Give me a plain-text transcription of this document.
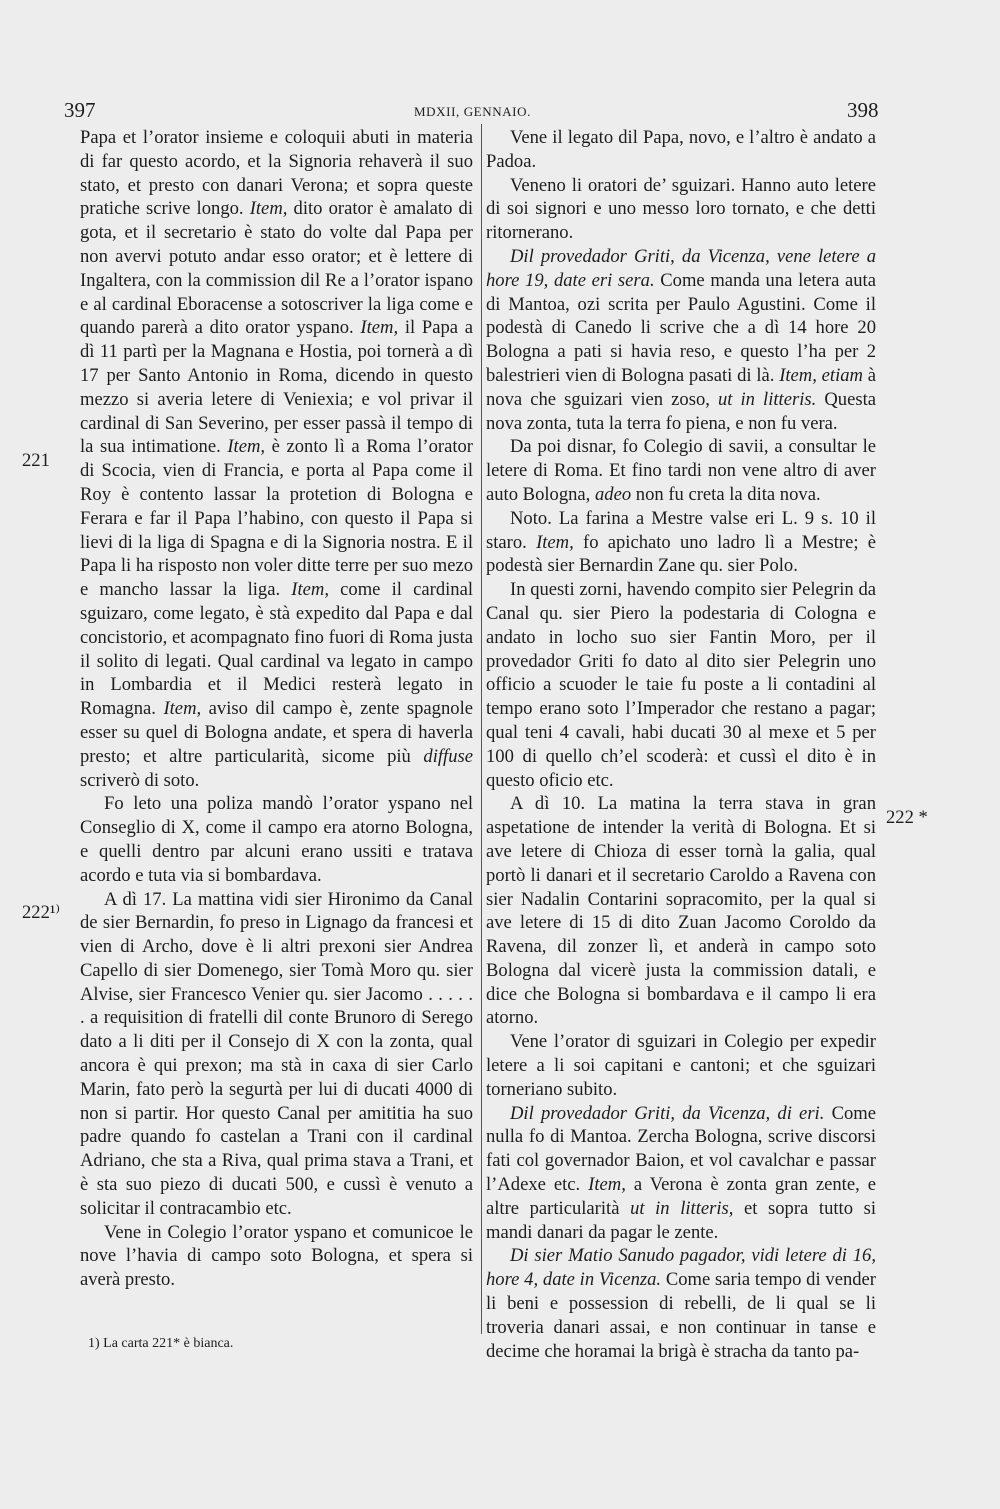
397	MDXII, GENNAIO.	398
221
222¹⁾
222 *

Papa et l’orator insieme e coloquii abuti in materia di far questo acordo, et la Signoria rehaverà il suo stato, et presto con danari Verona; et sopra queste pratiche scrive longo. Item, dito orator è amalato di gota, et il secretario è stato do volte dal Papa per non avervi potuto andar esso orator; et è lettere di Ingaltera, con la commission dil Re a l’orator ispano e al cardinal Eboracense a sotoscriver la liga come e quando parerà a dito orator yspano. Item, il Papa a dì 11 partì per la Magnana e Hostia, poi tornerà a dì 17 per Santo Antonio in Roma, dicendo in questo mezzo si averia letere di Veniexia; e vol privar il cardinal di San Severino, per esser passà il tempo di la sua intimatione. Item, è zonto lì a Roma l’orator di Scocia, vien di Francia, e porta al Papa come il Roy è contento lassar la protetion di Bologna e Ferara e far il Papa l’habino, con questo il Papa si lievi di la liga di Spagna e di la Signoria nostra. E il Papa li ha risposto non voler ditte terre per suo mezo e mancho lassar la liga. Item, come il cardinal sguizaro, come legato, è stà expedito dal Papa e dal concistorio, et acompagnato fino fuori di Roma justa il solito di legati. Qual cardinal va legato in campo in Lombardia et il Medici resterà legato in Romagna. Item, aviso dil campo è, zente spagnole esser su quel di Bologna andate, et spera di haverla presto; et altre particularità, sicome più diffuse scriverò di soto.

Fo leto una poliza mandò l’orator yspano nel Conseglio di X, come il campo era atorno Bologna, e quelli dentro par alcuni erano ussiti e tratava acordo e tuta via si bombardava.

A dì 17. La mattina vidi sier Hironimo da Canal de sier Bernardin, fo preso in Lignago da francesi et vien di Archo, dove è li altri prexoni sier Andrea Capello di sier Domenego, sier Tomà Moro qu. sier Alvise, sier Francesco Venier qu. sier Jacomo . . . . . . a requisition di fratelli dil conte Brunoro di Serego dato a li diti per il Consejo di X con la zonta, qual ancora è qui prexon; ma stà in caxa di sier Carlo Marin, fato però la segurtà per lui di ducati 4000 di non si partir. Hor questo Canal per amititia ha suo padre quando fo castelan a Trani con il cardinal Adriano, che sta a Riva, qual prima stava a Trani, et è sta suo piezo di ducati 500, e cussì è venuto a solicitar il contracambio etc.

Vene in Colegio l’orator yspano et comunicoe le nove l’havia di campo soto Bologna, et spera si averà presto.

1) La carta 221* è bianca.

Vene il legato dil Papa, novo, e l’altro è andato a Padoa.

Veneno li oratori de’ sguizari. Hanno auto letere di soi signori e uno messo loro tornato, e che detti ritornerano.

Dil provedador Griti, da Vicenza, vene letere a hore 19, date eri sera. Come manda una letera auta di Mantoa, ozi scrita per Paulo Agustini. Come il podestà di Canedo li scrive che a dì 14 hore 20 Bologna a pati si havia reso, e questo l’ha per 2 balestrieri vien di Bologna pasati di là. Item, etiam à nova che sguizari vien zoso, ut in litteris. Questa nova zonta, tuta la terra fo piena, e non fu vera.

Da poi disnar, fo Colegio di savii, a consultar le letere di Roma. Et fino tardi non vene altro di aver auto Bologna, adeo non fu creta la dita nova.

Noto. La farina a Mestre valse eri L. 9 s. 10 il staro. Item, fo apichato uno ladro lì a Mestre; è podestà sier Bernardin Zane qu. sier Polo.

In questi zorni, havendo compito sier Pelegrin da Canal qu. sier Piero la podestaria di Cologna e andato in locho suo sier Fantin Moro, per il provedador Griti fo dato al dito sier Pelegrin uno officio a scuoder le taie fu poste a li contadini al tempo erano soto l’Imperador che restano a pagar; qual teni 4 cavali, habi ducati 30 al mexe et 5 per 100 di quello ch’el scoderà: et cussì el dito è in questo oficio etc.

A dì 10. La matina la terra stava in gran aspetatione de intender la verità di Bologna. Et si ave letere di Chioza di esser tornà la galia, qual portò li danari et il secretario Caroldo a Ravena con sier Nadalin Contarini sopracomito, per la qual si ave letere di 15 di dito Zuan Jacomo Coroldo da Ravena, dil zonzer lì, et anderà in campo soto Bologna dal vicerè justa la commission datali, e dice che Bologna si bombardava e il campo li era atorno.

Vene l’orator di sguizari in Colegio per expedir letere a li soi capitani e cantoni; et che sguizari torneriano subito.

Dil provedador Griti, da Vicenza, di eri. Come nulla fo di Mantoa. Zercha Bologna, scrive discorsi fati col governador Baion, et vol cavalchar e passar l’Adexe etc. Item, a Verona è zonta gran zente, e altre particularità ut in litteris, et sopra tutto si mandi danari da pagar le zente.

Di sier Matio Sanudo pagador, vidi letere di 16, hore 4, date in Vicenza. Come saria tempo di vender li beni e possession di rebelli, de li qual se li troveria danari assai, e non continuar in tanse e decime che horamai la brigà è stracha da tanto pa-
